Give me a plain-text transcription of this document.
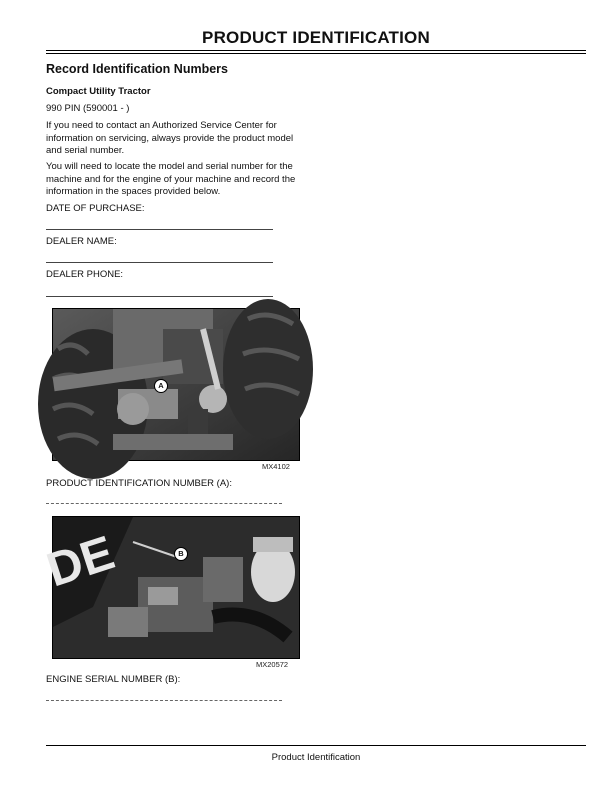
PRODUCT IDENTIFICATION
Record Identification Numbers
Compact Utility Tractor
990 PIN (590001 - )
If you need to contact an Authorized Service Center for information on servicing, always provide the product model and serial number.
You will need to locate the model and serial number for the machine and for the engine of your machine and record the information in the spaces provided below.
DATE OF PURCHASE:
DEALER NAME:
DEALER PHONE:
A
MX4102
PRODUCT IDENTIFICATION NUMBER (A):
DE	B
MX20572
ENGINE SERIAL NUMBER (B):
Product Identification
